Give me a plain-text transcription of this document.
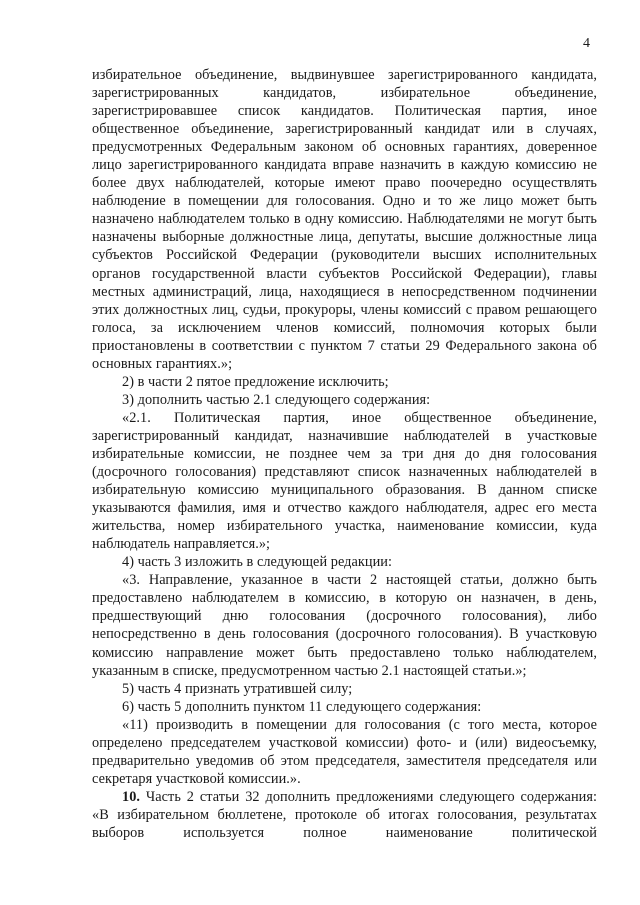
4

избирательное объединение, выдвинувшее зарегистрированного кандидата, зарегистрированных кандидатов, избирательное объединение, зарегистрировавшее список кандидатов. Политическая партия, иное общественное объединение, зарегистрированный кандидат или в случаях, предусмотренных Федеральным законом об основных гарантиях, доверенное лицо зарегистрированного кандидата вправе назначить в каждую комиссию не более двух наблюдателей, которые имеют право поочередно осуществлять наблюдение в помещении для голосования. Одно и то же лицо может быть назначено наблюдателем только в одну комиссию. Наблюдателями не могут быть назначены выборные должностные лица, депутаты, высшие должностные лица субъектов Российской Федерации (руководители высших исполнительных органов государственной власти субъектов Российской Федерации), главы местных администраций, лица, находящиеся в непосредственном подчинении этих должностных лиц, судьи, прокуроры, члены комиссий с правом решающего голоса, за исключением членов комиссий, полномочия которых были приостановлены в соответствии с пунктом 7 статьи 29 Федерального закона об основных гарантиях.»;

2) в части 2 пятое предложение исключить;

3) дополнить частью 2.1 следующего содержания:

«2.1. Политическая партия, иное общественное объединение, зарегистрированный кандидат, назначившие наблюдателей в участковые избирательные комиссии, не позднее чем за три дня до дня голосования (досрочного голосования) представляют список назначенных наблюдателей в избирательную комиссию муниципального образования. В данном списке указываются фамилия, имя и отчество каждого наблюдателя, адрес его места жительства, номер избирательного участка, наименование комиссии, куда наблюдатель направляется.»;

4) часть 3 изложить в следующей редакции:

«3. Направление, указанное в части 2 настоящей статьи, должно быть предоставлено наблюдателем в комиссию, в которую он назначен, в день, предшествующий дню голосования (досрочного голосования), либо непосредственно в день голосования (досрочного голосования). В участковую комиссию направление может быть предоставлено только наблюдателем, указанным в списке, предусмотренном частью 2.1 настоящей статьи.»;

5) часть 4 признать утратившей силу;

6) часть 5 дополнить пунктом 11 следующего содержания:

«11) производить в помещении для голосования (с того места, которое определено председателем участковой комиссии) фото- и (или) видеосъемку, предварительно уведомив об этом председателя, заместителя председателя или секретаря участковой комиссии.».

10. Часть 2 статьи 32 дополнить предложениями следующего содержания: «В избирательном бюллетене, протоколе об итогах голосования, результатах выборов используется полное наименование политической
